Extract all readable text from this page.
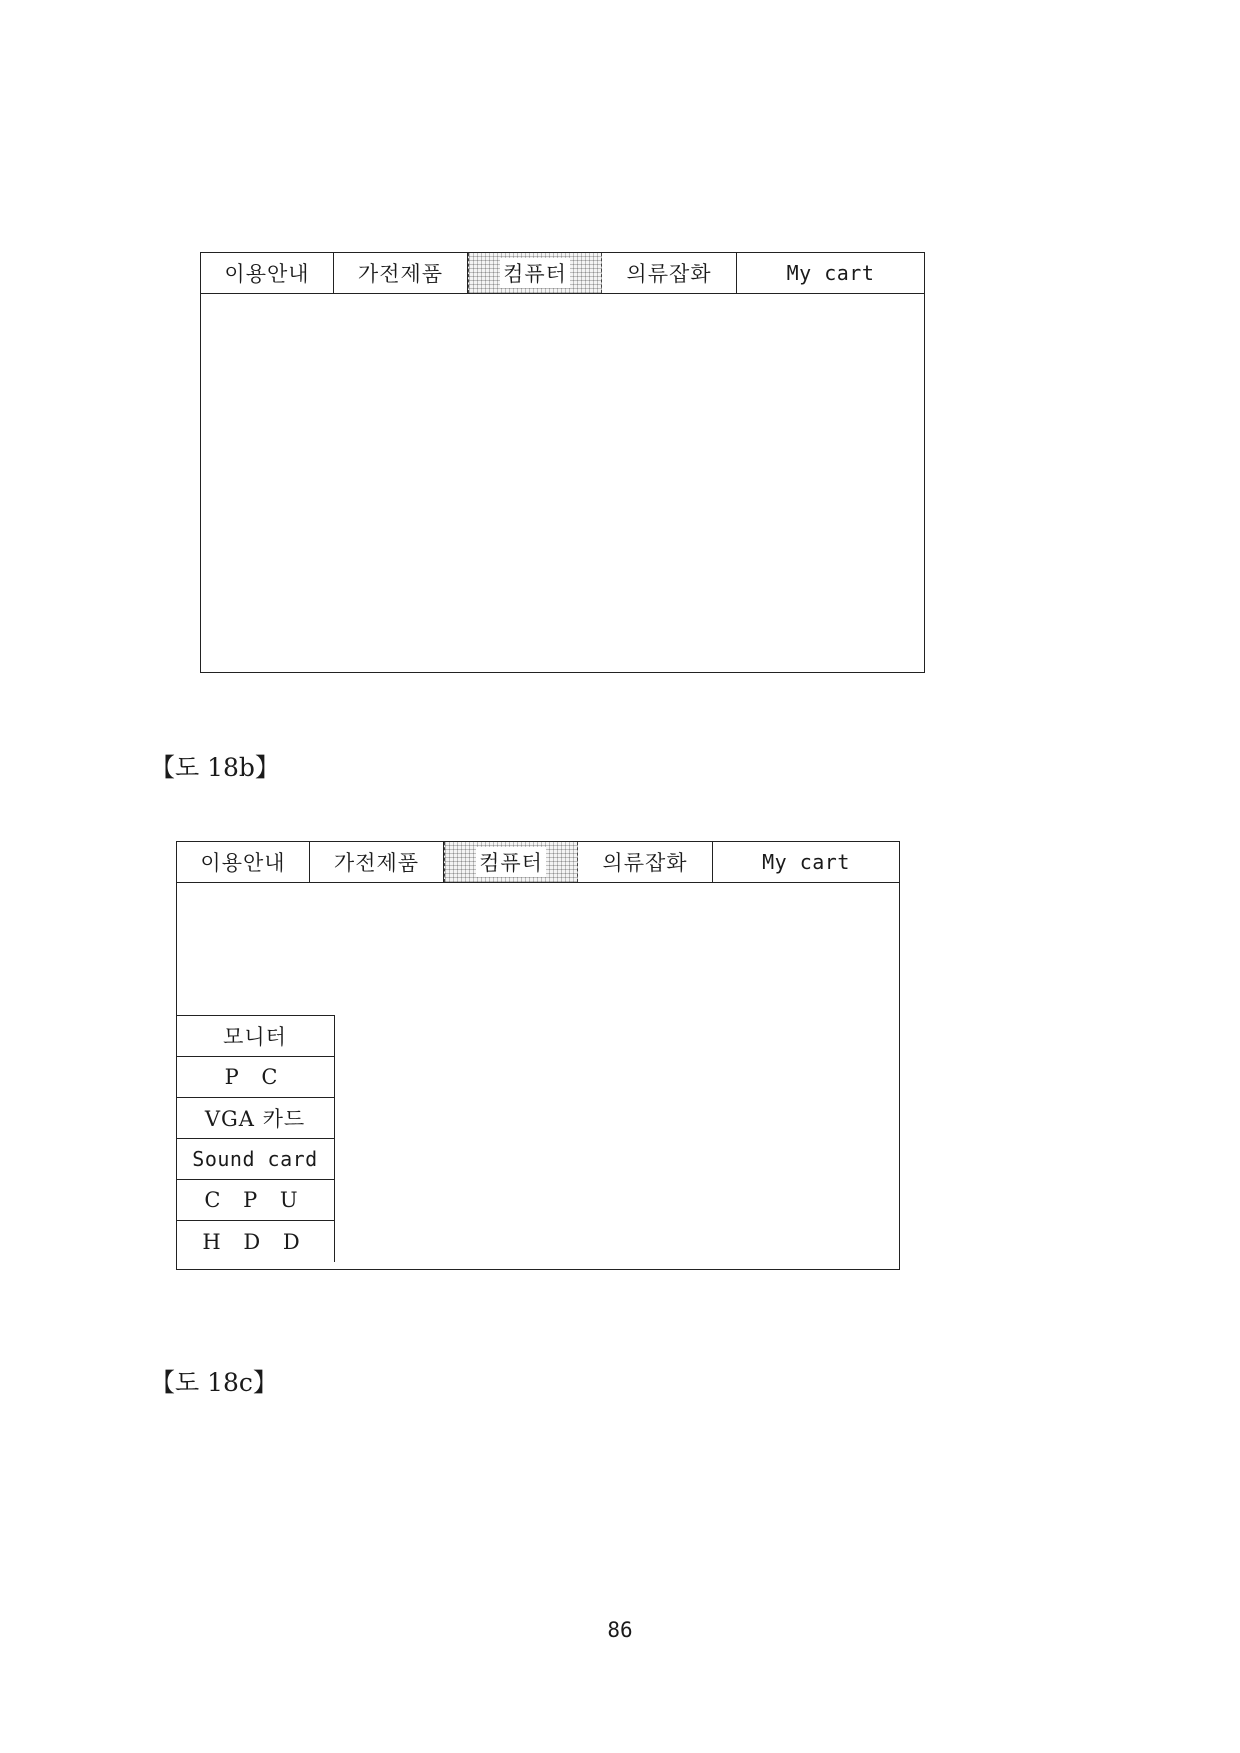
이용안내 가전제품	컴퓨터	의류잡화	My cart
【도 18b】
이용안내 가전제품	컴퓨터	의류잡화	My cart
모니터
P C
VGA 카드
Sound card
C P U
H D D
【도 18c】
86
